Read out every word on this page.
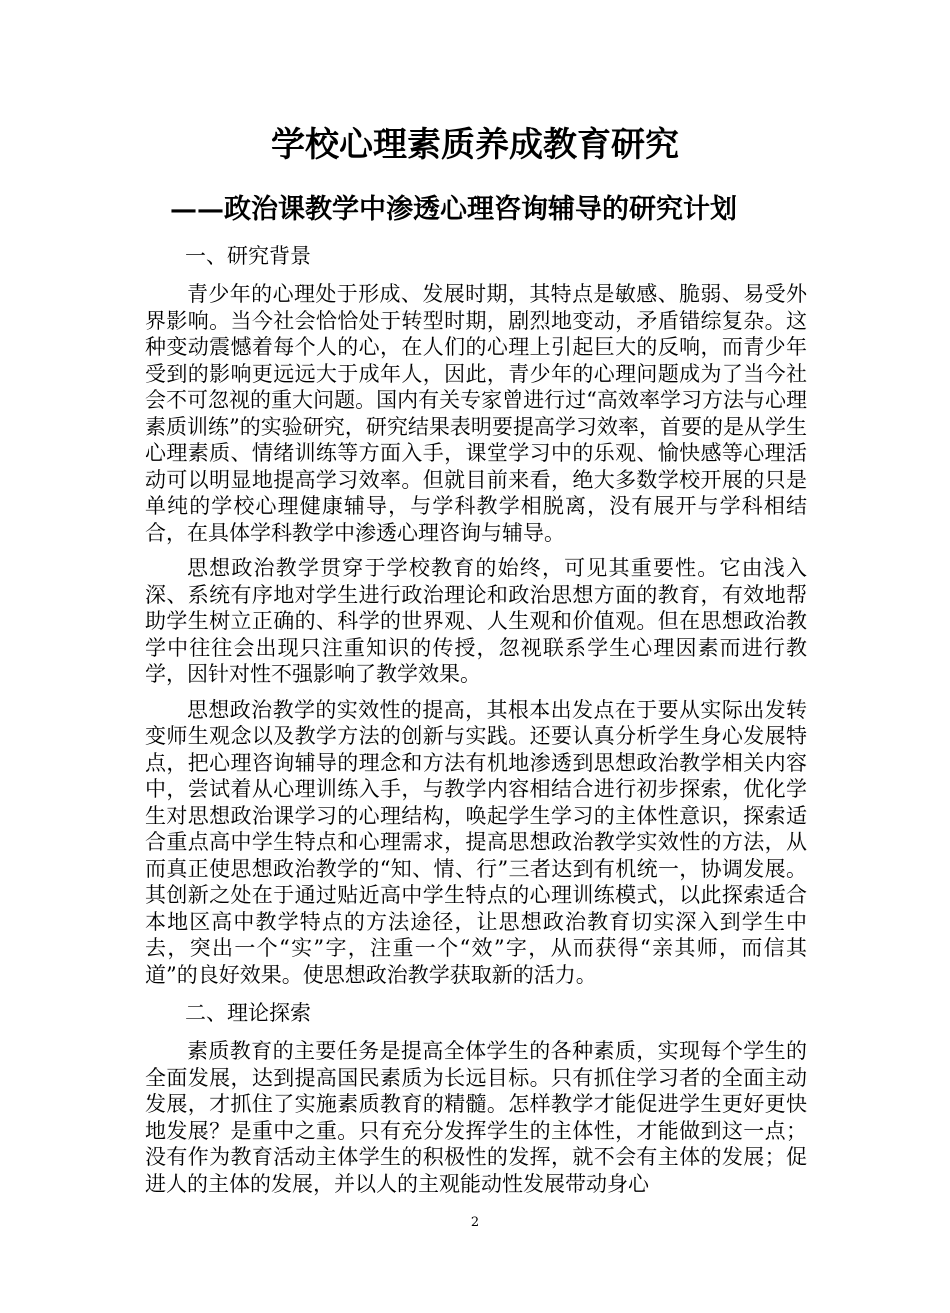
学校心理素质养成教育研究
——政治课教学中渗透心理咨询辅导的研究计划
一、研究背景

青少年的心理处于形成、发展时期，其特点是敏感、脆弱、易受外界影响。当今社会恰恰处于转型时期，剧烈地变动，矛盾错综复杂。这种变动震憾着每个人的心，在人们的心理上引起巨大的反响，而青少年受到的影响更远远大于成年人，因此，青少年的心理问题成为了当今社会不可忽视的重大问题。国内有关专家曾进行过“高效率学习方法与心理素质训练”的实验研究，研究结果表明要提高学习效率，首要的是从学生心理素质、情绪训练等方面入手，课堂学习中的乐观、愉快感等心理活动可以明显地提高学习效率。但就目前来看，绝大多数学校开展的只是单纯的学校心理健康辅导，与学科教学相脱离，没有展开与学科相结合，在具体学科教学中渗透心理咨询与辅导。

思想政治教学贯穿于学校教育的始终，可见其重要性。它由浅入深、系统有序地对学生进行政治理论和政治思想方面的教育，有效地帮助学生树立正确的、科学的世界观、人生观和价值观。但在思想政治教学中往往会出现只注重知识的传授，忽视联系学生心理因素而进行教学，因针对性不强影响了教学效果。

思想政治教学的实效性的提高，其根本出发点在于要从实际出发转变师生观念以及教学方法的创新与实践。还要认真分析学生身心发展特点，把心理咨询辅导的理念和方法有机地渗透到思想政治教学相关内容中，尝试着从心理训练入手，与教学内容相结合进行初步探索，优化学生对思想政治课学习的心理结构，唤起学生学习的主体性意识，探索适合重点高中学生特点和心理需求，提高思想政治教学实效性的方法，从而真正使思想政治教学的“知、情、行”三者达到有机统一，协调发展。其创新之处在于通过贴近高中学生特点的心理训练模式，以此探索适合本地区高中教学特点的方法途径，让思想政治教育切实深入到学生中去，突出一个“实”字，注重一个“效”字，从而获得“亲其师，而信其道”的良好效果。使思想政治教学获取新的活力。

二、理论探索

素质教育的主要任务是提高全体学生的各种素质，实现每个学生的全面发展，达到提高国民素质为长远目标。只有抓住学习者的全面主动发展，才抓住了实施素质教育的精髓。怎样教学才能促进学生更好更快地发展？是重中之重。只有充分发挥学生的主体性，才能做到这一点；没有作为教育活动主体学生的积极性的发挥，就不会有主体的发展；促进人的主体的发展，并以人的主观能动性发展带动身心

2
